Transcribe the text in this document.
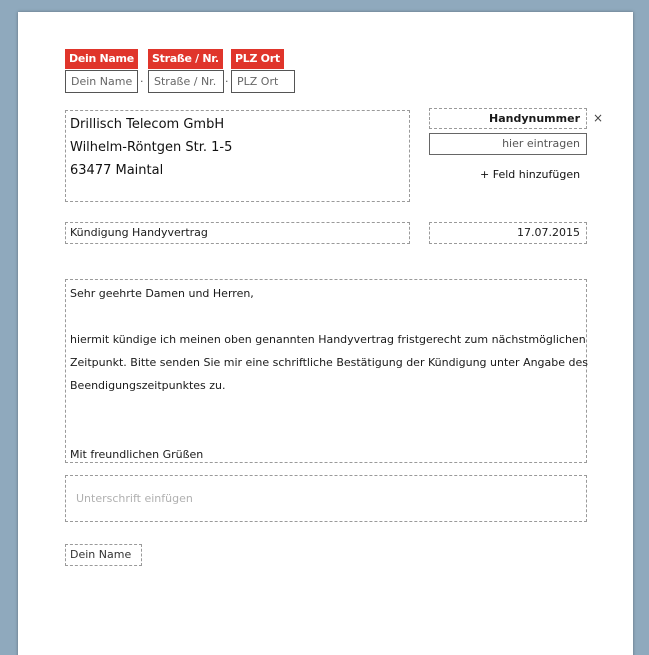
Dein Name	Straße / Nr.	PLZ Ort
Dein Name · Straße / Nr. · PLZ Ort
Drillisch Telecom GmbH
Wilhelm-Röntgen Str. 1-5
63477 Maintal
Handynummer	×
hier eintragen
+ Feld hinzufügen
Kündigung Handyvertrag	17.07.2015
Sehr geehrte Damen und Herren,

hiermit kündige ich meinen oben genannten Handyvertrag fristgerecht zum nächstmöglichen
Zeitpunkt. Bitte senden Sie mir eine schriftliche Bestätigung der Kündigung unter Angabe des
Beendigungszeitpunktes zu.

Mit freundlichen Grüßen
Unterschrift einfügen
Dein Name
